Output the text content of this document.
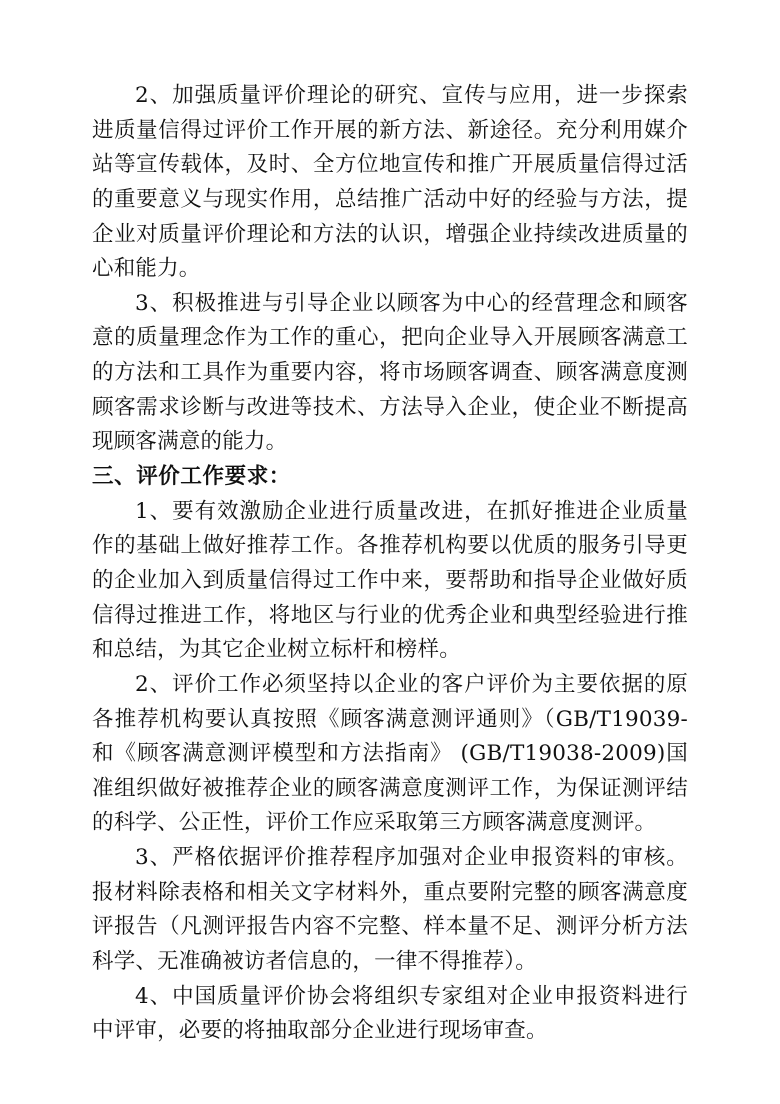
2、加强质量评价理论的研究、宣传与应用，进一步探索
进质量信得过评价工作开展的新方法、新途径。充分利用媒介
站等宣传载体，及时、全方位地宣传和推广开展质量信得过活
的重要意义与现实作用，总结推广活动中好的经验与方法，提
企业对质量评价理论和方法的认识，增强企业持续改进质量的
心和能力。
3、积极推进与引导企业以顾客为中心的经营理念和顾客
意的质量理念作为工作的重心，把向企业导入开展顾客满意工
的方法和工具作为重要内容，将市场顾客调查、顾客满意度测
顾客需求诊断与改进等技术、方法导入企业，使企业不断提高
现顾客满意的能力。
三、评价工作要求：
1、要有效激励企业进行质量改进，在抓好推进企业质量
作的基础上做好推荐工作。各推荐机构要以优质的服务引导更
的企业加入到质量信得过工作中来，要帮助和指导企业做好质
信得过推进工作，将地区与行业的优秀企业和典型经验进行推
和总结，为其它企业树立标杆和榜样。
2、评价工作必须坚持以企业的客户评价为主要依据的原
各推荐机构要认真按照《顾客满意测评通则》（GB/T19039-
和《顾客满意测评模型和方法指南》 (GB/T19038-2009)国
准组织做好被推荐企业的顾客满意度测评工作，为保证测评结
的科学、公正性，评价工作应采取第三方顾客满意度测评。
3、严格依据评价推荐程序加强对企业申报资料的审核。
报材料除表格和相关文字材料外，重点要附完整的顾客满意度
评报告（凡测评报告内容不完整、样本量不足、测评分析方法
科学、无准确被访者信息的，一律不得推荐）。
4、中国质量评价协会将组织专家组对企业申报资料进行
中评审，必要的将抽取部分企业进行现场审查。
